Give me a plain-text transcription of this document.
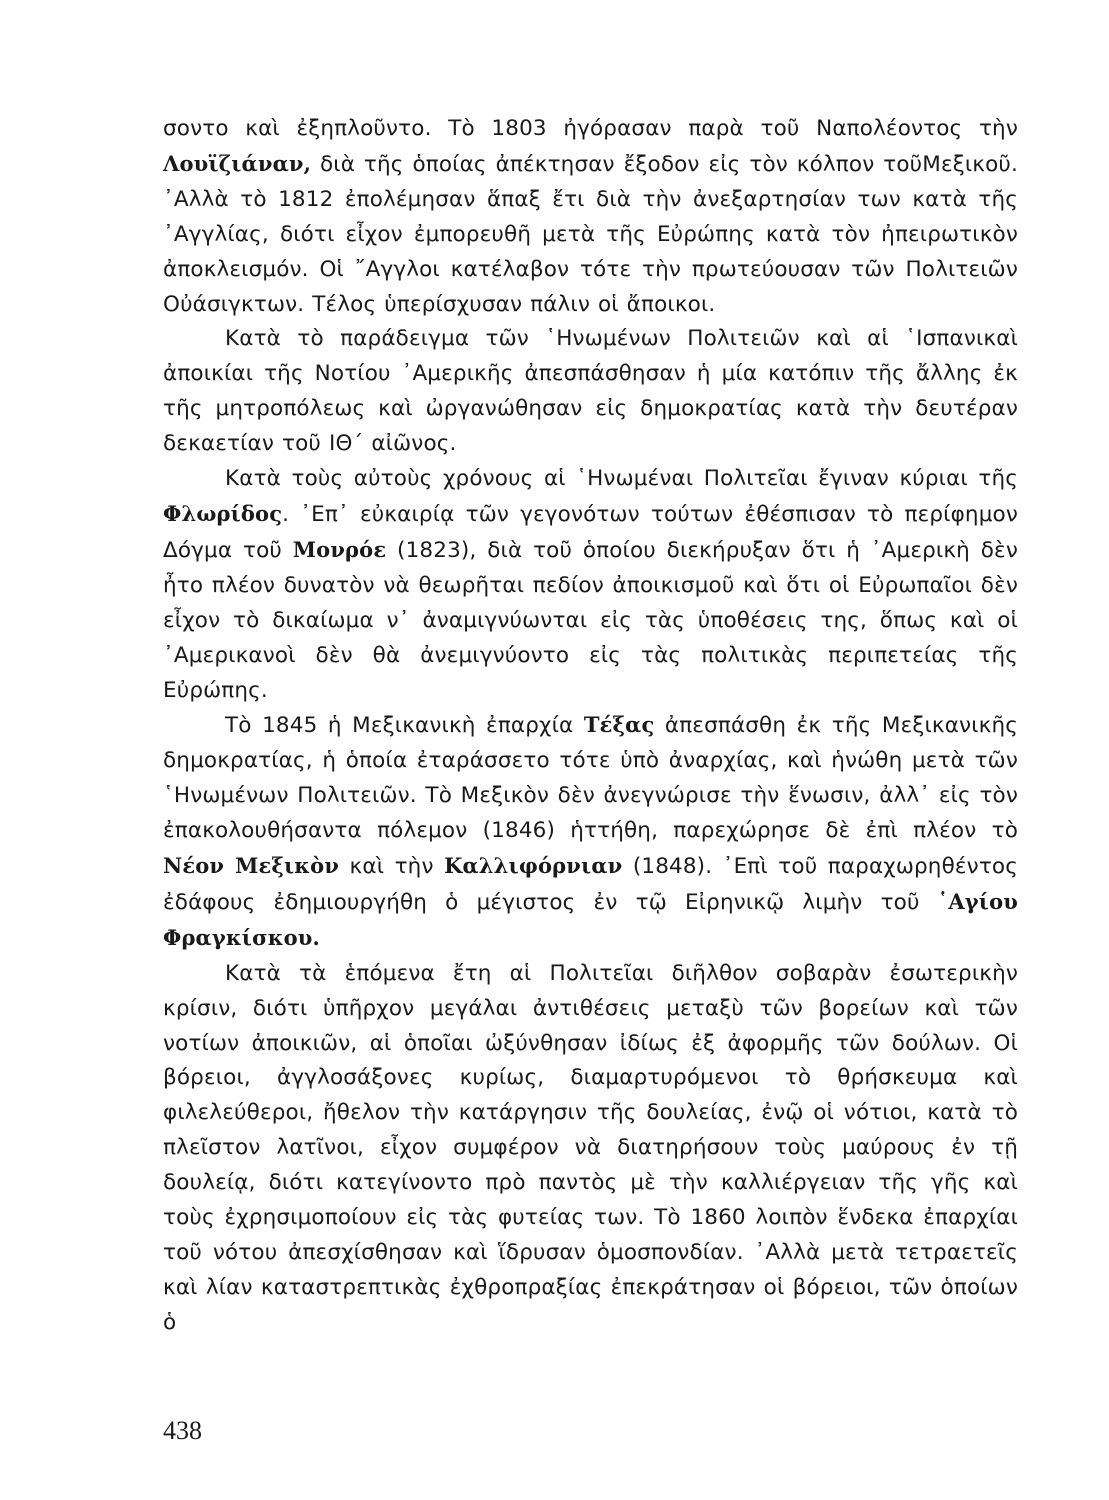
σοντο καὶ ἐξηπλοῦντο. Τὸ 1803 ἠγόρασαν παρὰ τοῦ Ναπολέοντος τὴν Λουϊζιάναν, διὰ τῆς ὁποίας ἀπέκτησαν ἔξοδον εἰς τὸν κόλπον τοῦΜεξικοῦ. ᾿Αλλὰ τὸ 1812 ἐπολέμησαν ἅπαξ ἔτι διὰ τὴν ἀνεξαρτησίαν των κατὰ τῆς ᾿Αγγλίας, διότι εἶχον ἐμπορευθῆ μετὰ τῆς Εὐρώπης κατὰ τὸν ἠπειρωτικὸν ἀποκλεισμόν. Οἱ ῎Αγγλοι κατέλαβον τότε τὴν πρωτεύουσαν τῶν Πολιτειῶν Οὐάσιγκτων. Τέλος ὑπερίσχυσαν πάλιν οἱ ἄποικοι.

Κατὰ τὸ παράδειγμα τῶν ῾Ηνωμένων Πολιτειῶν καὶ αἱ ῾Ισπανικαὶ ἀποικίαι τῆς Νοτίου ᾿Αμερικῆς ἀπεσπάσθησαν ἡ μία κατόπιν τῆς ἄλλης ἐκ τῆς μητροπόλεως καὶ ὠργανώθησαν εἰς δημοκρατίας κατὰ τὴν δευτέραν δεκαετίαν τοῦ ΙΘ΄ αἰῶνος.

Κατὰ τοὺς αὐτοὺς χρόνους αἱ ῾Ηνωμέναι Πολιτεῖαι ἔγιναν κύριαι τῆς Φλωρίδος. ᾿Επ᾿ εὐκαιρίᾳ τῶν γεγονότων τούτων ἐθέσπισαν τὸ περίφημον Δόγμα τοῦ Μονρόε (1823), διὰ τοῦ ὁποίου διεκήρυξαν ὅτι ἡ ᾿Αμερικὴ δὲν ἦτο πλέον δυνατὸν νὰ θεωρῆται πεδίον ἀποικισμοῦ καὶ ὅτι οἱ Εὐρωπαῖοι δὲν εἶχον τὸ δικαίωμα ν᾿ ἀναμιγνύωνται εἰς τὰς ὑποθέσεις της, ὅπως καὶ οἱ ᾿Αμερικανοὶ δὲν θὰ ἀνεμιγνύοντο εἰς τὰς πολιτικὰς περιπετείας τῆς Εὐρώπης.

Τὸ 1845 ἡ Μεξικανικὴ ἐπαρχία Τέξας ἀπεσπάσθη ἐκ τῆς Μεξικανικῆς δημοκρατίας, ἡ ὁποία ἐταράσσετο τότε ὑπὸ ἀναρχίας, καὶ ἡνώθη μετὰ τῶν ῾Ηνωμένων Πολιτειῶν. Τὸ Μεξικὸν δὲν ἀνεγνώρισε τὴν ἕνωσιν, ἀλλ᾿ εἰς τὸν ἐπακολουθήσαντα πόλεμον (1846) ἡττήθη, παρεχώρησε δὲ ἐπὶ πλέον τὸ Νέον Μεξικὸν καὶ τὴν Καλλιφόρνιαν (1848). ᾿Επὶ τοῦ παραχωρηθέντος ἐδάφους ἐδημιουργήθη ὁ μέγιστος ἐν τῷ Εἰρηνικῷ λιμὴν τοῦ ῾Αγίου Φραγκίσκου.

Κατὰ τὰ ἑπόμενα ἔτη αἱ Πολιτεῖαι διῆλθον σοβαρὰν ἐσωτερικὴν κρίσιν, διότι ὑπῆρχον μεγάλαι ἀντιθέσεις μεταξὺ τῶν βορείων καὶ τῶν νοτίων ἀποικιῶν, αἱ ὁποῖαι ὠξύνθησαν ἰδίως ἐξ ἀφορμῆς τῶν δούλων. Οἱ βόρειοι, ἀγγλοσάξονες κυρίως, διαμαρτυρόμενοι τὸ θρήσκευμα καὶ φιλελεύθεροι, ἤθελον τὴν κατάργησιν τῆς δουλείας, ἐνῷ οἱ νότιοι, κατὰ τὸ πλεῖστον λατῖνοι, εἶχον συμφέρον νὰ διατηρήσουν τοὺς μαύρους ἐν τῇ δουλείᾳ, διότι κατεγίνοντο πρὸ παντὸς μὲ τὴν καλλιέργειαν τῆς γῆς καὶ τοὺς ἐχρησιμοποίουν εἰς τὰς φυτείας των. Τὸ 1860 λοιπὸν ἕνδεκα ἐπαρχίαι τοῦ νότου ἀπεσχίσθησαν καὶ ἵδρυσαν ὁμοσπονδίαν. ᾿Αλλὰ μετὰ τετραετεῖς καὶ λίαν καταστρεπτικὰς ἐχθροπραξίας ἐπεκράτησαν οἱ βόρειοι, τῶν ὁποίων ὁ

438
